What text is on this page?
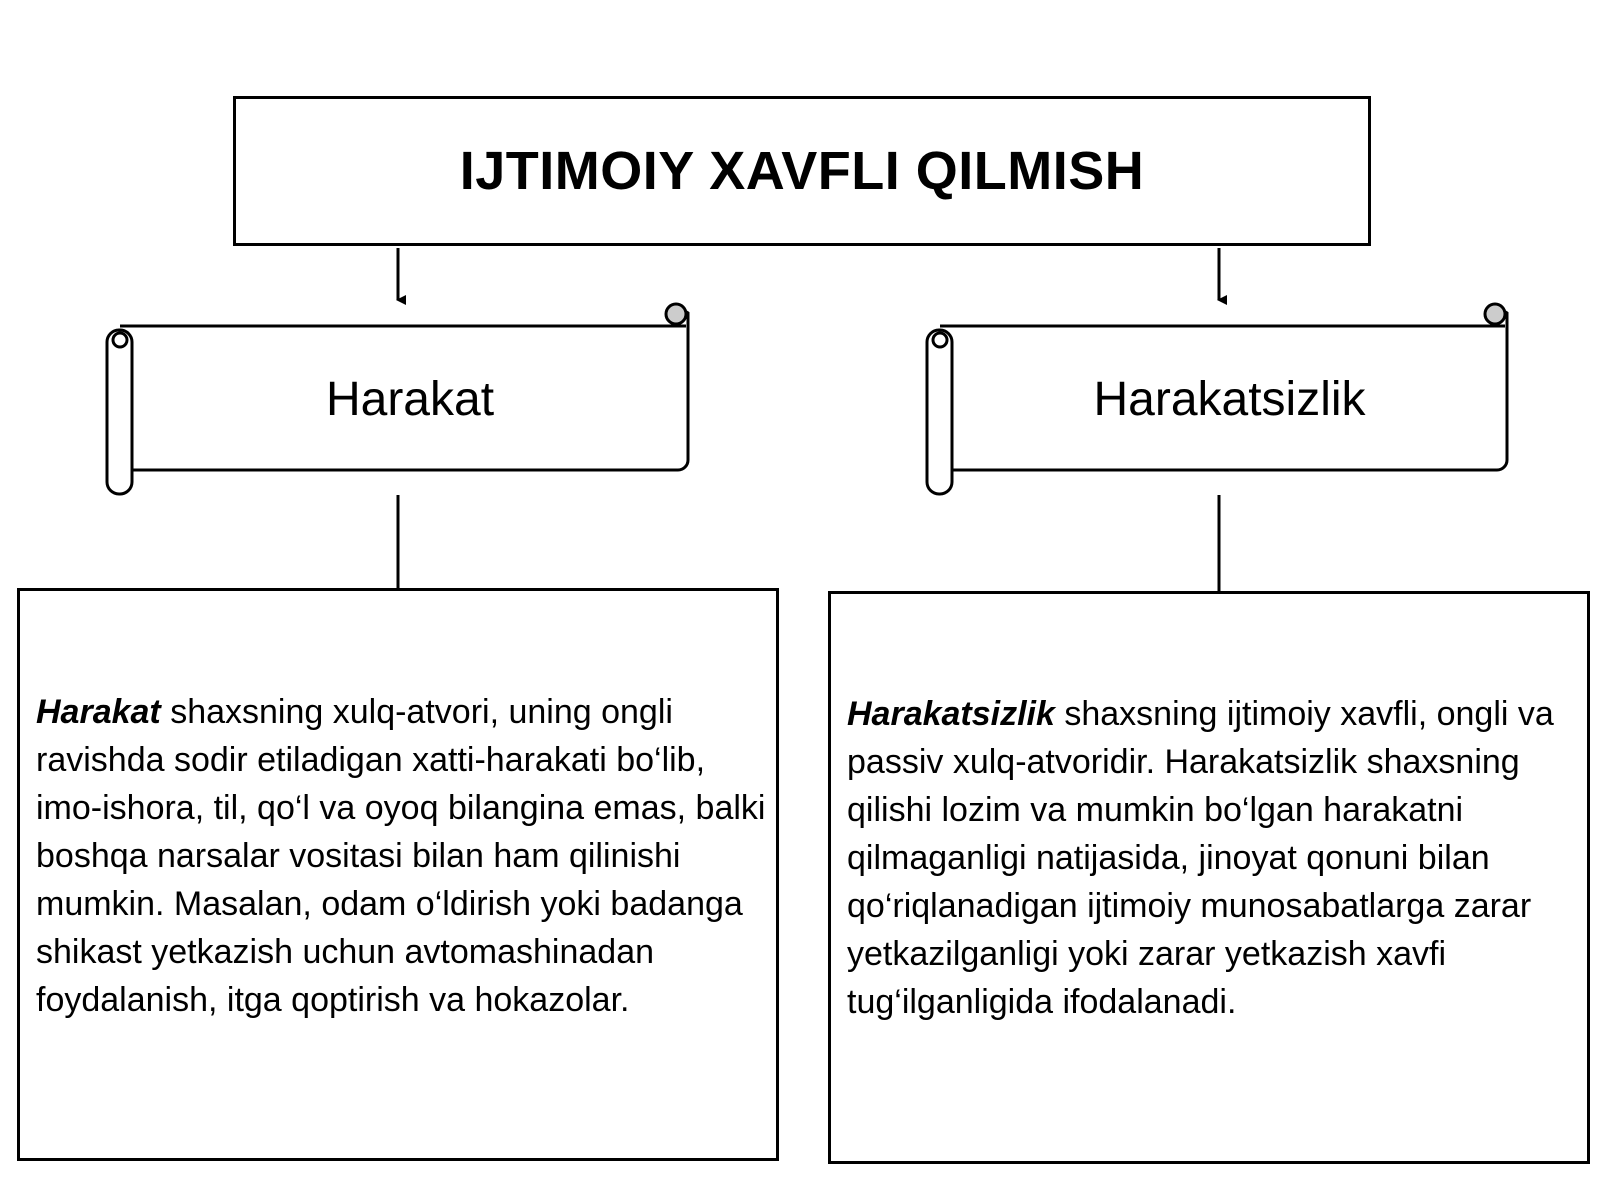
IJTIMOIY XAVFLI QILMISH
Harakat	Harakatsizlik
Harakat shaxsning xulq-atvori, uning ongli ravishda sodir etiladigan xatti-harakati bo‘lib, imo-ishora, til, qo‘l va oyoq bilangina emas, balki boshqa narsalar vositasi bilan ham qilinishi mumkin. Masalan, odam o‘ldirish yoki badanga shikast yetkazish uchun avtomashinadan foydalanish, itga qoptirish va hokazolar.
Harakatsizlik shaxsning ijtimoiy xavfli, ongli va passiv xulq-atvoridir. Harakatsizlik shaxsning qilishi lozim va mumkin bo‘lgan harakatni qilmaganligi natijasida, jinoyat qonuni bilan qo‘riqlanadigan ijtimoiy munosabatlarga zarar yetkazilganligi yoki zarar yetkazish xavfi tug‘ilganligida ifodalanadi.
